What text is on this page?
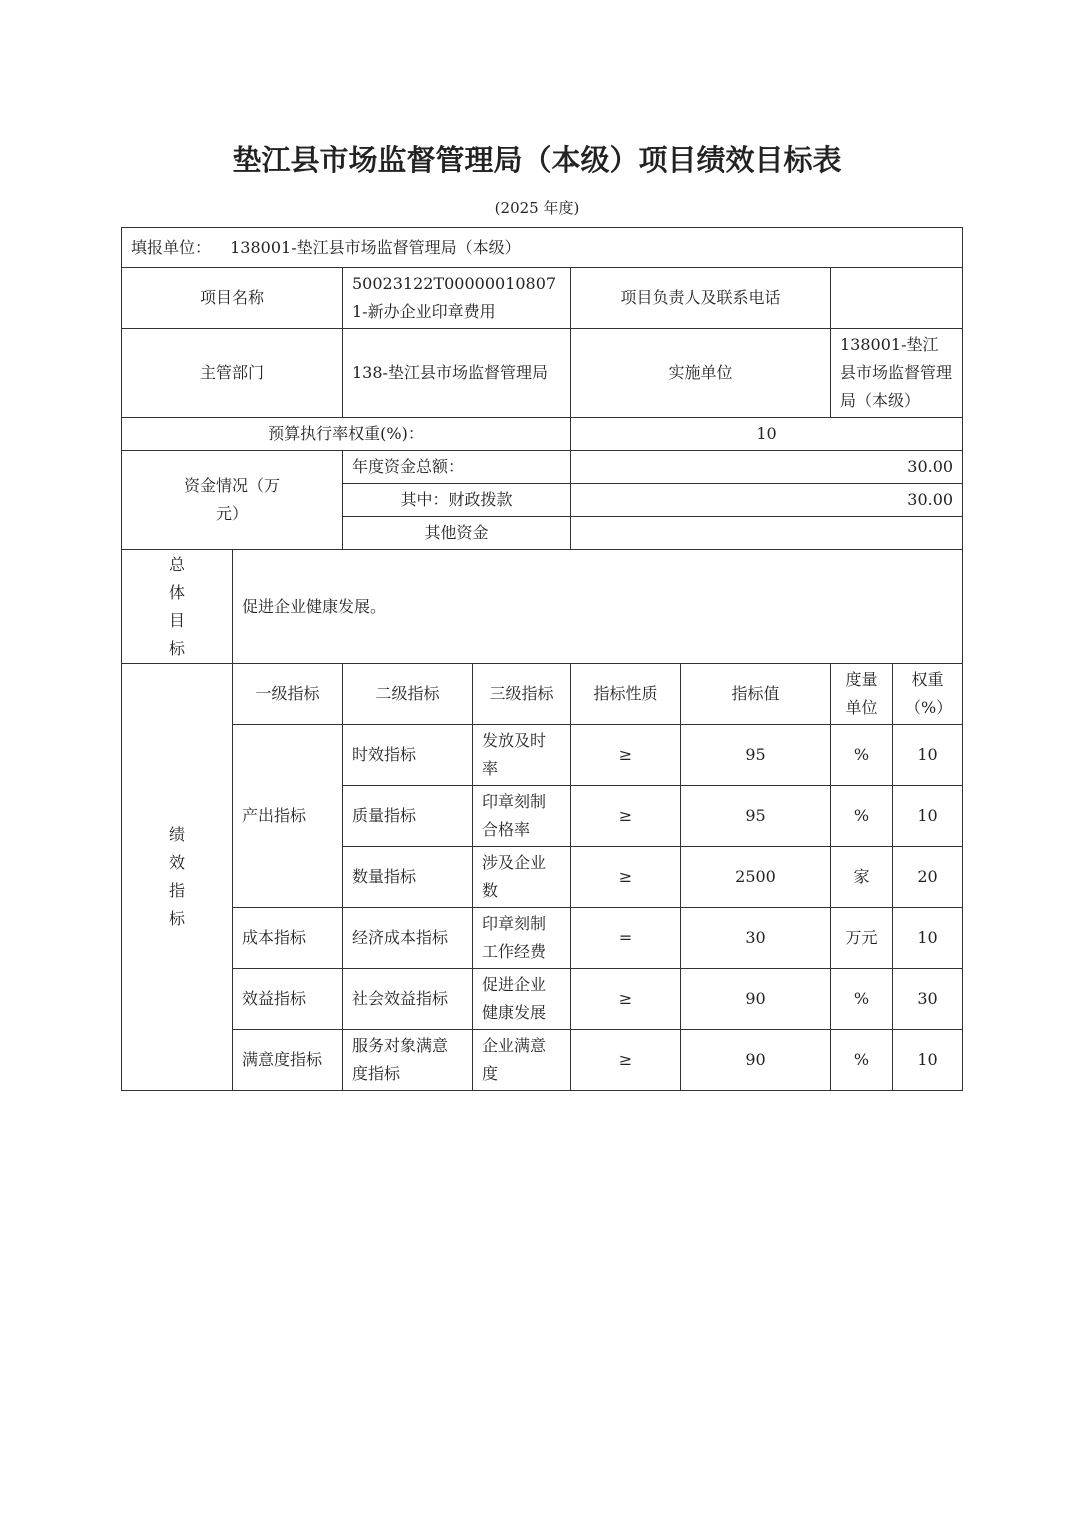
垫江县市场监督管理局（本级）项目绩效目标表
(2025 年度)
填报单位： 138001-垫江县市场监督管理局（本级）							
项目名称		50023122T000000108071-新办企业印章费用		项目负责人及联系电话			
主管部门		138-垫江县市场监督管理局		实施单位		138001-垫江县市场监督管理局（本级）	
预算执行率权重(%)：				10			
资金情况（万元）		年度资金总额：		30.00			
		其中：财政拨款		30.00			
		其他资金					
总体目标	促进企业健康发展。						
绩效指标	一级指标	二级指标	三级指标	指标性质	指标值	度量单位	权重（%）
	产出指标	时效指标	发放及时率	≥	95	%	10
		质量指标	印章刻制合格率	≥	95	%	10
		数量指标	涉及企业数	≥	2500	家	20
	成本指标	经济成本指标	印章刻制工作经费	=	30	万元	10
	效益指标	社会效益指标	促进企业健康发展	≥	90	%	30
	满意度指标	服务对象满意度指标	企业满意度	≥	90	%	10
